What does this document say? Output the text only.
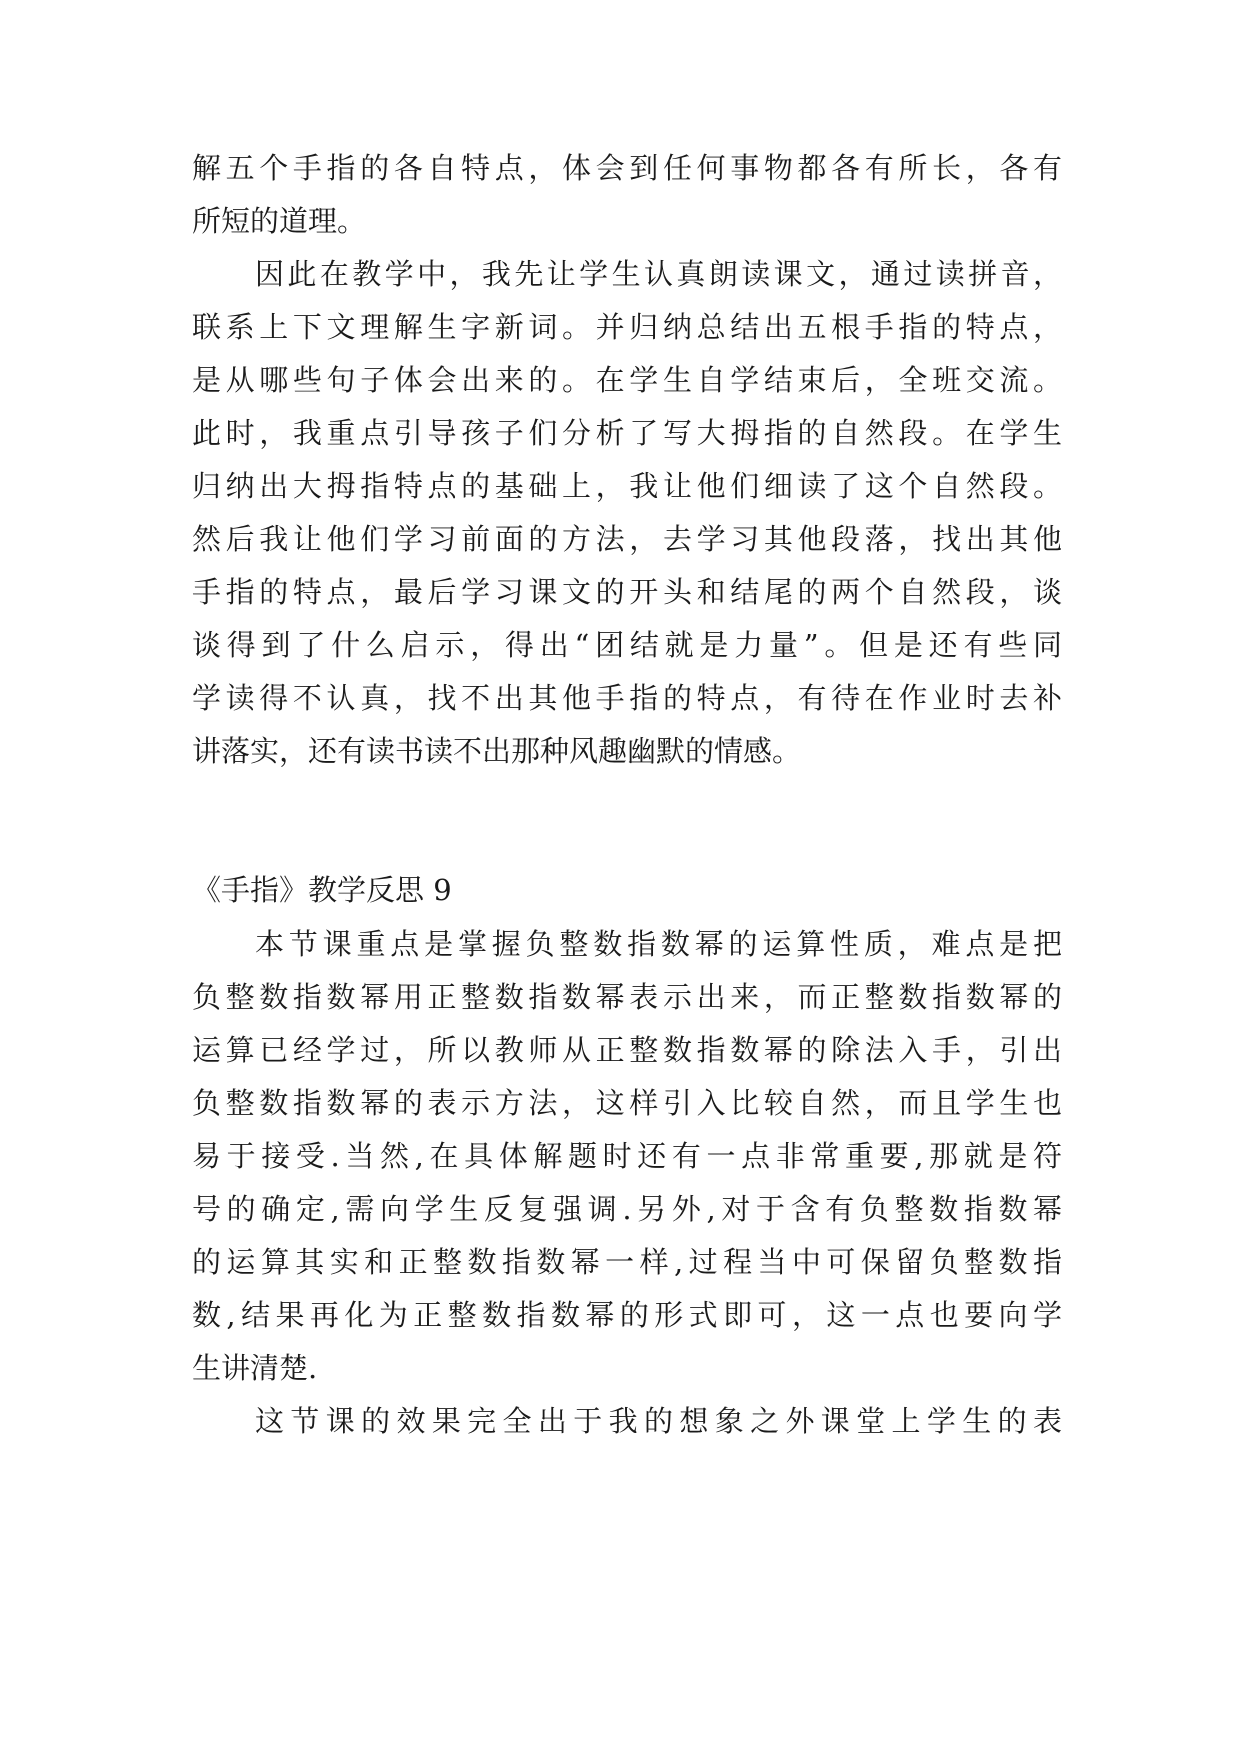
解五个手指的各自特点，体会到任何事物都各有所长，各有
所短的道理。
因此在教学中，我先让学生认真朗读课文，通过读拼音，
联系上下文理解生字新词。并归纳总结出五根手指的特点，
是从哪些句子体会出来的。在学生自学结束后，全班交流。
此时，我重点引导孩子们分析了写大拇指的自然段。在学生
归纳出大拇指特点的基础上，我让他们细读了这个自然段。
然后我让他们学习前面的方法，去学习其他段落，找出其他
手指的特点，最后学习课文的开头和结尾的两个自然段，谈
谈得到了什么启示，得出“团结就是力量”。但是还有些同
学读得不认真，找不出其他手指的特点，有待在作业时去补
讲落实，还有读书读不出那种风趣幽默的情感。
《手指》教学反思 9
本节课重点是掌握负整数指数幂的运算性质，难点是把
负整数指数幂用正整数指数幂表示出来，而正整数指数幂的
运算已经学过，所以教师从正整数指数幂的除法入手，引出
负整数指数幂的表示方法，这样引入比较自然，而且学生也
易于接受.当然,在具体解题时还有一点非常重要,那就是符
号的确定,需向学生反复强调.另外,对于含有负整数指数幂
的运算其实和正整数指数幂一样,过程当中可保留负整数指
数,结果再化为正整数指数幂的形式即可，这一点也要向学
生讲清楚.
这节课的效果完全出于我的想象之外课堂上学生的表
